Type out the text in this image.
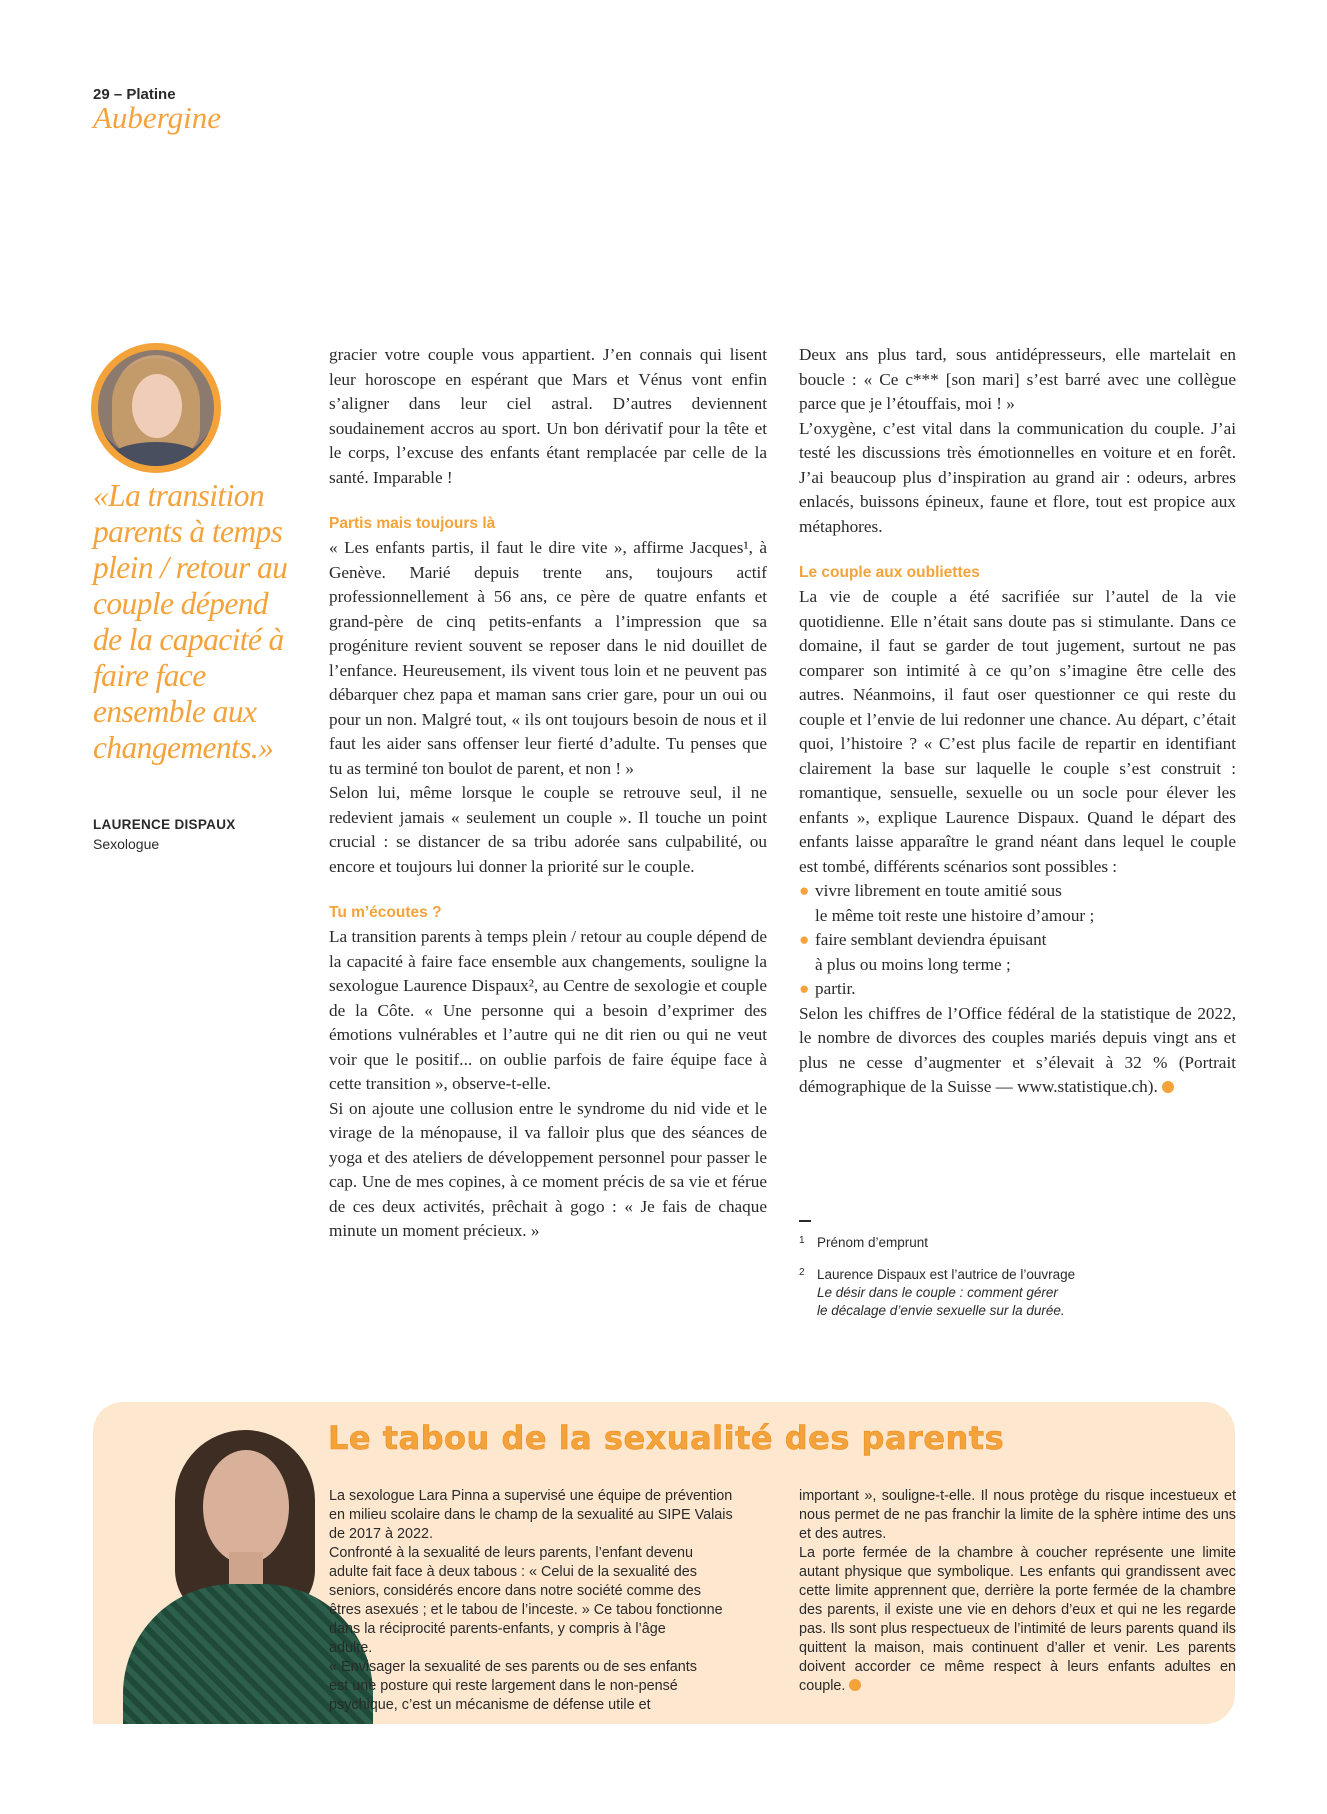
29 – Platine
Aubergine

«La transition parents à temps plein / retour au couple dépend de la capacité à faire face ensemble aux changements.»

LAURENCE DISPAUX
Sexologue

gracier votre couple vous appartient. J’en connais qui lisent leur horoscope en espérant que Mars et Vénus vont enfin s’aligner dans leur ciel astral. D’autres deviennent soudainement accros au sport. Un bon dérivatif pour la tête et le corps, l’excuse des enfants étant remplacée par celle de la santé. Imparable !

Partis mais toujours là

« Les enfants partis, il faut le dire vite », affirme Jacques¹, à Genève. Marié depuis trente ans, toujours actif professionnellement à 56 ans, ce père de quatre enfants et grand-père de cinq petits-enfants a l’impression que sa progéniture revient souvent se reposer dans le nid douillet de l’enfance. Heureusement, ils vivent tous loin et ne peuvent pas débarquer chez papa et maman sans crier gare, pour un oui ou pour un non. Malgré tout, « ils ont toujours besoin de nous et il faut les aider sans offenser leur fierté d’adulte. Tu penses que tu as terminé ton boulot de parent, et non ! »

Selon lui, même lorsque le couple se retrouve seul, il ne redevient jamais « seulement un couple ». Il touche un point crucial : se distancer de sa tribu adorée sans culpabilité, ou encore et toujours lui donner la priorité sur le couple.

Tu m’écoutes ?

La transition parents à temps plein / retour au couple dépend de la capacité à faire face ensemble aux changements, souligne la sexologue Laurence Dispaux², au Centre de sexologie et couple de la Côte. « Une personne qui a besoin d’exprimer des émotions vulnérables et l’autre qui ne dit rien ou qui ne veut voir que le positif... on oublie parfois de faire équipe face à cette transition », observe-t-elle.

Si on ajoute une collusion entre le syndrome du nid vide et le virage de la ménopause, il va falloir plus que des séances de yoga et des ateliers de développement personnel pour passer le cap. Une de mes copines, à ce moment précis de sa vie et férue de ces deux activités, prêchait à gogo : « Je fais de chaque minute un moment précieux. »

Deux ans plus tard, sous antidépresseurs, elle martelait en boucle : « Ce c*** [son mari] s’est barré avec une collègue parce que je l’étouffais, moi ! »

L’oxygène, c’est vital dans la communication du couple. J’ai testé les discussions très émotionnelles en voiture et en forêt. J’ai beaucoup plus d’inspiration au grand air : odeurs, arbres enlacés, buissons épineux, faune et flore, tout est propice aux métaphores.

Le couple aux oubliettes

La vie de couple a été sacrifiée sur l’autel de la vie quotidienne. Elle n’était sans doute pas si stimulante. Dans ce domaine, il faut se garder de tout jugement, surtout ne pas comparer son intimité à ce qu’on s’imagine être celle des autres. Néanmoins, il faut oser questionner ce qui reste du couple et l’envie de lui redonner une chance. Au départ, c’était quoi, l’histoire ? « C’est plus facile de repartir en identifiant clairement la base sur laquelle le couple s’est construit : romantique, sensuelle, sexuelle ou un socle pour élever les enfants », explique Laurence Dispaux. Quand le départ des enfants laisse apparaître le grand néant dans lequel le couple est tombé, différents scénarios sont possibles :

● vivre librement en toute amitié sous
le même toit reste une histoire d’amour ;
● faire semblant deviendra épuisant
à plus ou moins long terme ;
● partir.

Selon les chiffres de l’Office fédéral de la statistique de 2022, le nombre de divorces des couples mariés depuis vingt ans et plus ne cesse d’augmenter et s’élevait à 32 % (Portrait démographique de la Suisse — www.statistique.ch).

1 Prénom d’emprunt
2 Laurence Dispaux est l’autrice de l’ouvrage
Le désir dans le couple : comment gérer
le décalage d’envie sexuelle sur la durée.
Le tabou de la sexualité des parents
La sexologue Lara Pinna a supervisé une équipe de prévention
en milieu scolaire dans le champ de la sexualité au SIPE Valais
de 2017 à 2022.
Confronté à la sexualité de leurs parents, l’enfant devenu
adulte fait face à deux tabous : « Celui de la sexualité des
seniors, considérés encore dans notre société comme des
êtres asexués ; et le tabou de l’inceste. » Ce tabou fonctionne
dans la réciprocité parents-enfants, y compris à l’âge
adulte.
« Envisager la sexualité de ses parents ou de ses enfants
est une posture qui reste largement dans le non-pensé
psychique, c’est un mécanisme de défense utile et

important », souligne-t-elle. Il nous protège du risque incestueux et nous permet de ne pas franchir la limite de la sphère intime des uns et des autres.

La porte fermée de la chambre à coucher représente une limite autant physique que symbolique. Les enfants qui grandissent avec cette limite apprennent que, derrière la porte fermée de la chambre des parents, il existe une vie en dehors d’eux et qui ne les regarde pas. Ils sont plus respectueux de l’intimité de leurs parents quand ils quittent la maison, mais continuent d’aller et venir. Les parents doivent accorder ce même respect à leurs enfants adultes en couple.
